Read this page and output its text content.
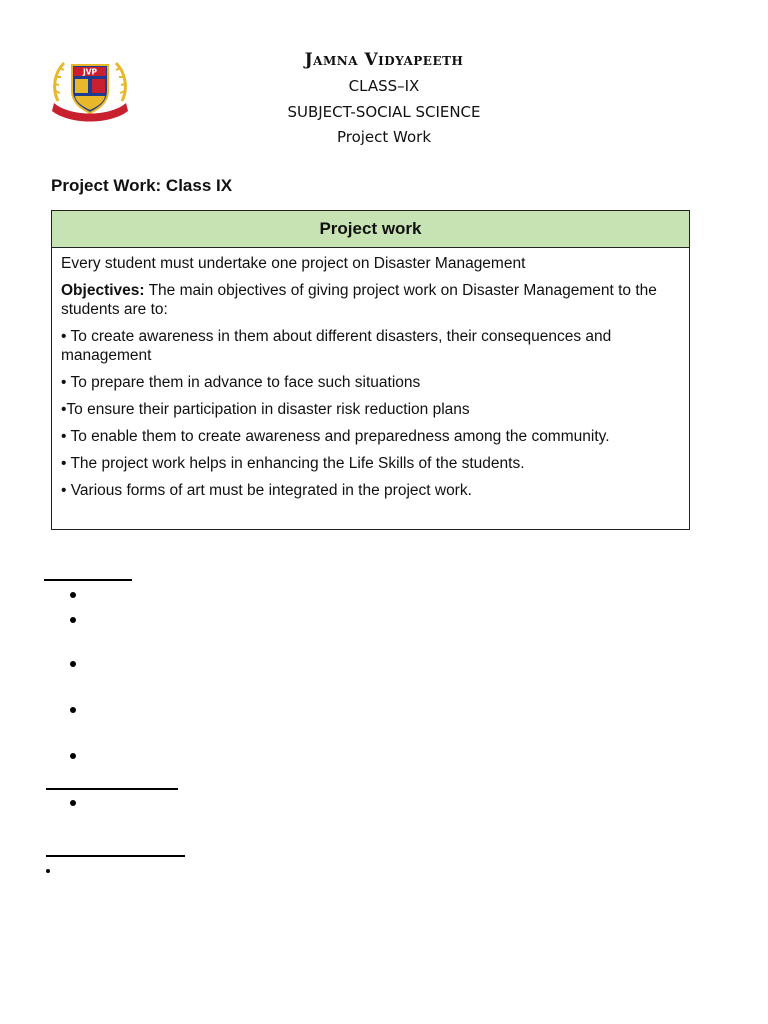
JVP
Jamna Vidyapeeth
CLASS–IX
SUBJECT-SOCIAL SCIENCE
Project Work
Project Work: Class IX
Project work

Every student must undertake one project on Disaster Management

Objectives: The main objectives of giving project work on Disaster Management to the students are to:

• To create awareness in them about different disasters, their consequences and management

• To prepare them in advance to face such situations

•To ensure their participation in disaster risk reduction plans

• To enable them to create awareness and preparedness among the community.

• The project work helps in enhancing the Life Skills of the students.

• Various forms of art must be integrated in the project work.
